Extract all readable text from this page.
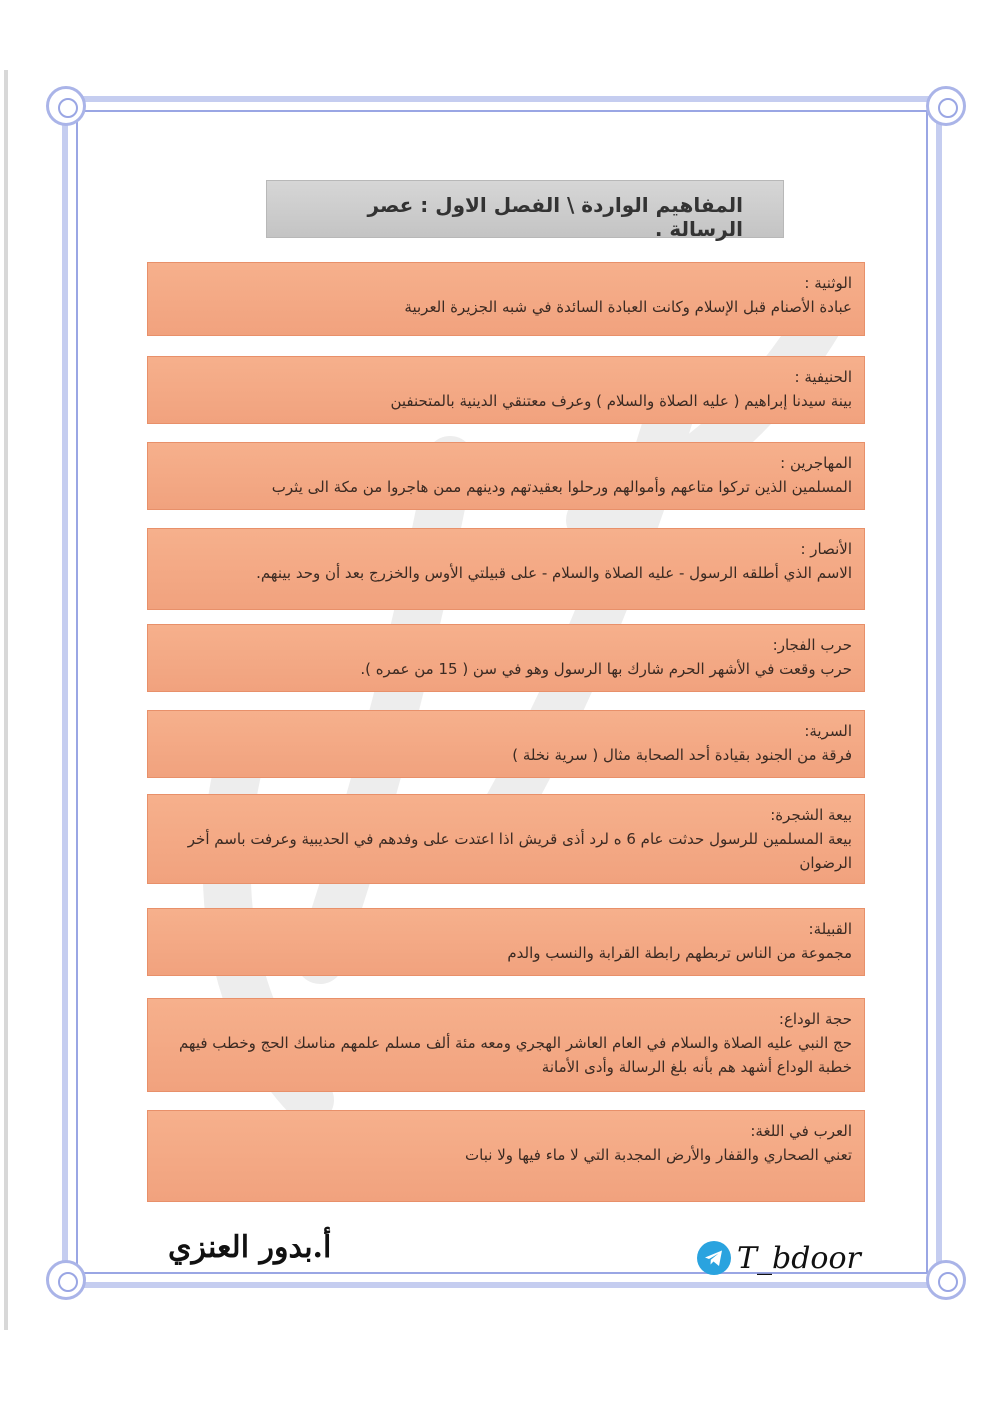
المفاهيم الواردة \ الفصل الاول : عصر الرسالة .
الوثنية :
عبادة الأصنام قبل الإسلام وكانت العبادة السائدة في شبه الجزيرة العربية
الحنيفية :
بينة سيدنا إبراهيم ( عليه الصلاة والسلام ) وعرف معتنقي الدينية بالمتحنفين
المهاجرين :
المسلمين الذين تركوا متاعهم وأموالهم ورحلوا بعقيدتهم ودينهم ممن هاجروا من مكة الى يثرب
الأنصار :
الاسم الذي أطلقه الرسول - عليه الصلاة والسلام - على قبيلتي الأوس والخزرج بعد أن وحد بينهم.
حرب الفجار:
حرب وقعت في الأشهر الحرم شارك بها الرسول وهو في سن ( 15 من عمره ).
السرية:
فرقة من الجنود بقيادة أحد الصحابة مثال ( سرية نخلة )
بيعة الشجرة:
بيعة المسلمين للرسول حدثت عام 6 ه لرد أذى قريش اذا اعتدت على وفدهم في الحديبية وعرفت باسم أخر الرضوان
القبيلة:
مجموعة من الناس تربطهم رابطة القرابة والنسب والدم
حجة الوداع:
حج النبي عليه الصلاة والسلام في العام العاشر الهجري ومعه مئة ألف مسلم علمهم مناسك الحج وخطب فيهم خطبة الوداع أشهد هم بأنه بلغ الرسالة وأدى الأمانة
العرب في اللغة:
تعني الصحاري والقفار والأرض المجدبة التي لا ماء فيها ولا نبات
أ.بدور العنزي	T_bdoor
